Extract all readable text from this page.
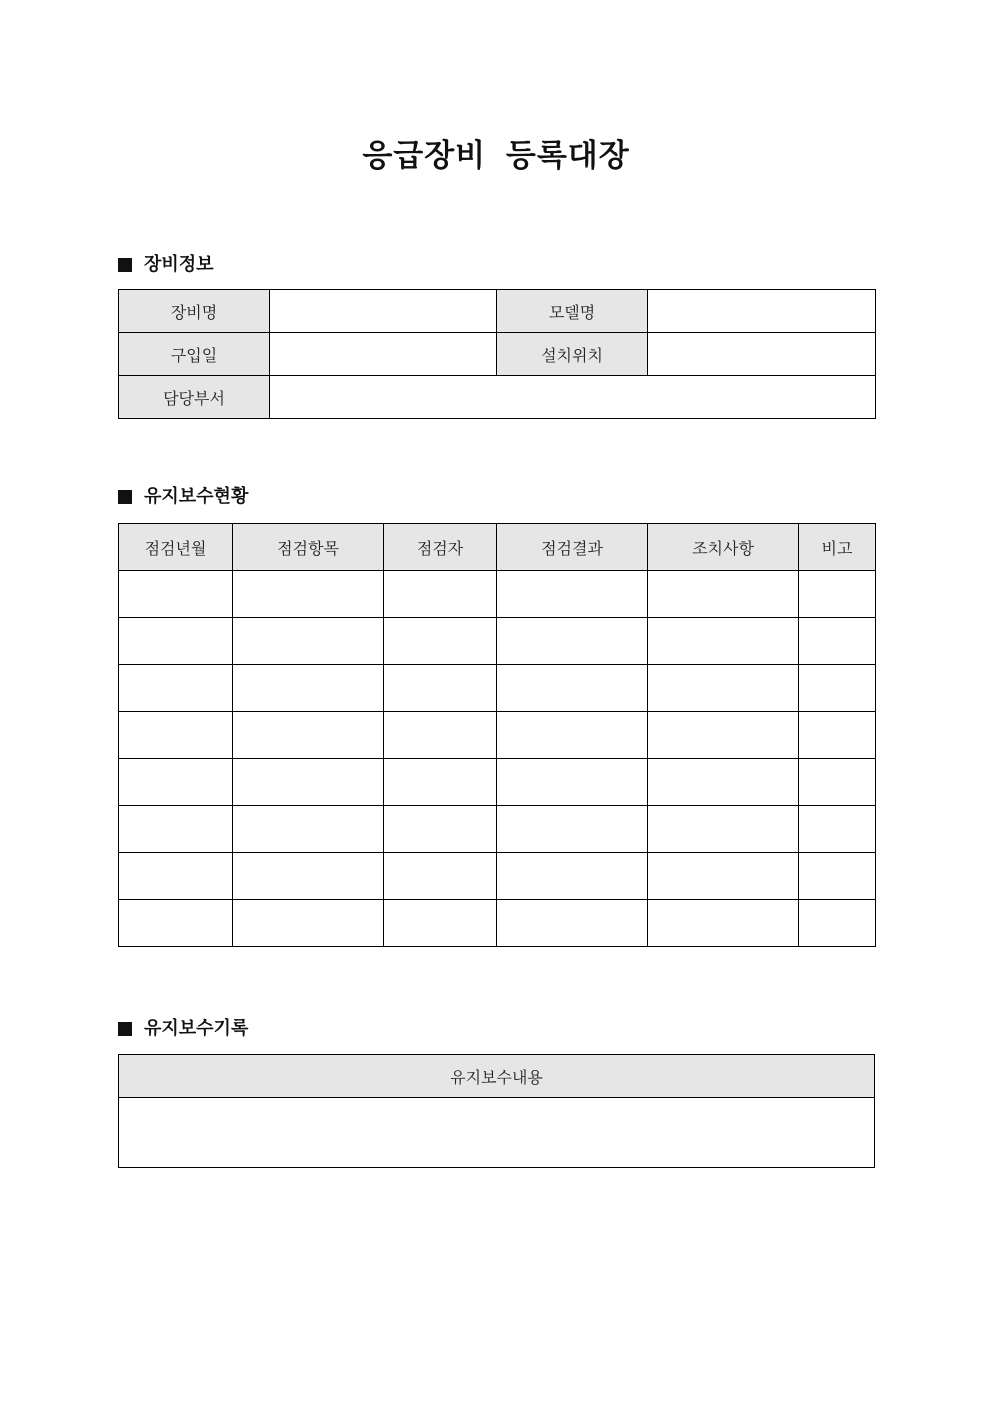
응급장비 등록대장
장비정보
장비명		모델명	
구입일		설치위치	
담당부서			
유지보수현황
점검년월	점검항목	점검자	점검결과	조치사항	비고

유지보수기록
유지보수내용
